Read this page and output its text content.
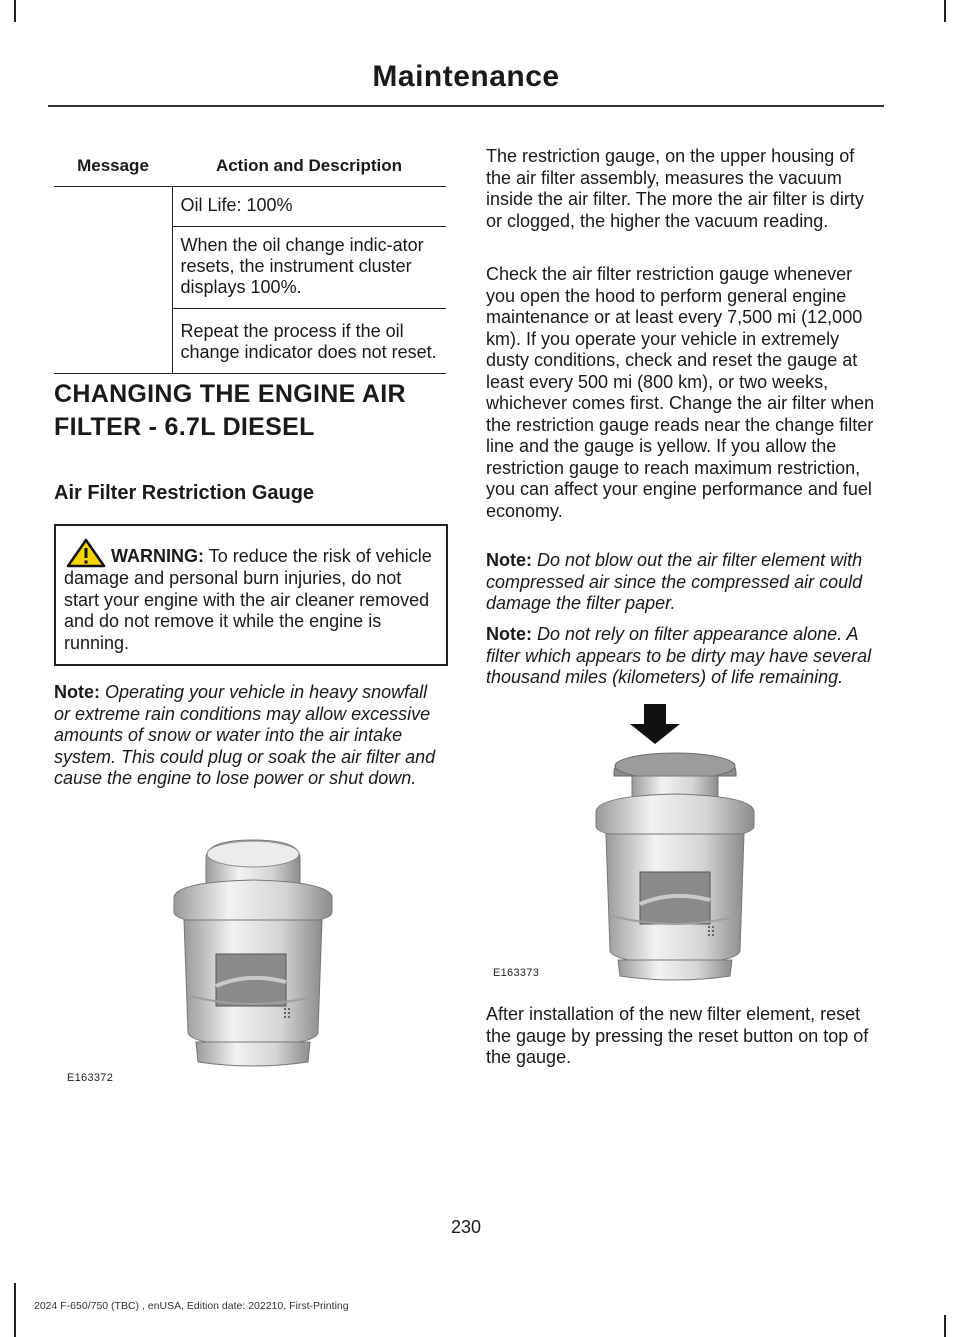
Maintenance
Message	Action and Description
	Oil Life: 100%
	When the oil change indic-ator resets, the instrument cluster displays 100%.
	Repeat the process if the oil change indicator does not reset.
CHANGING THE ENGINE AIR FILTER - 6.7L DIESEL
Air Filter Restriction Gauge
WARNING: To reduce the risk of vehicle damage and personal burn injuries, do not start your engine with the air cleaner removed and do not remove it while the engine is running.
Note: Operating your vehicle in heavy snowfall or extreme rain conditions may allow excessive amounts of snow or water into the air intake system. This could plug or soak the air filter and cause the engine to lose power or shut down.
E163372

The restriction gauge, on the upper housing of the air filter assembly, measures the vacuum inside the air filter. The more the air filter is dirty or clogged, the higher the vacuum reading.

Check the air filter restriction gauge whenever you open the hood to perform general engine maintenance or at least every 7,500 mi (12,000 km). If you operate your vehicle in extremely dusty conditions, check and reset the gauge at least every 500 mi (800 km), or two weeks, whichever comes first. Change the air filter when the restriction gauge reads near the change filter line and the gauge is yellow. If you allow the restriction gauge to reach maximum restriction, you can affect your engine performance and fuel economy.

Note: Do not blow out the air filter element with compressed air since the compressed air could damage the filter paper.
Note: Do not rely on filter appearance alone. A filter which appears to be dirty may have several thousand miles (kilometers) of life remaining.

After installation of the new filter element, reset the gauge by pressing the reset button on top of the gauge.

E163373
230
2024 F-650/750 (TBC) , enUSA, Edition date: 202210, First-Printing
